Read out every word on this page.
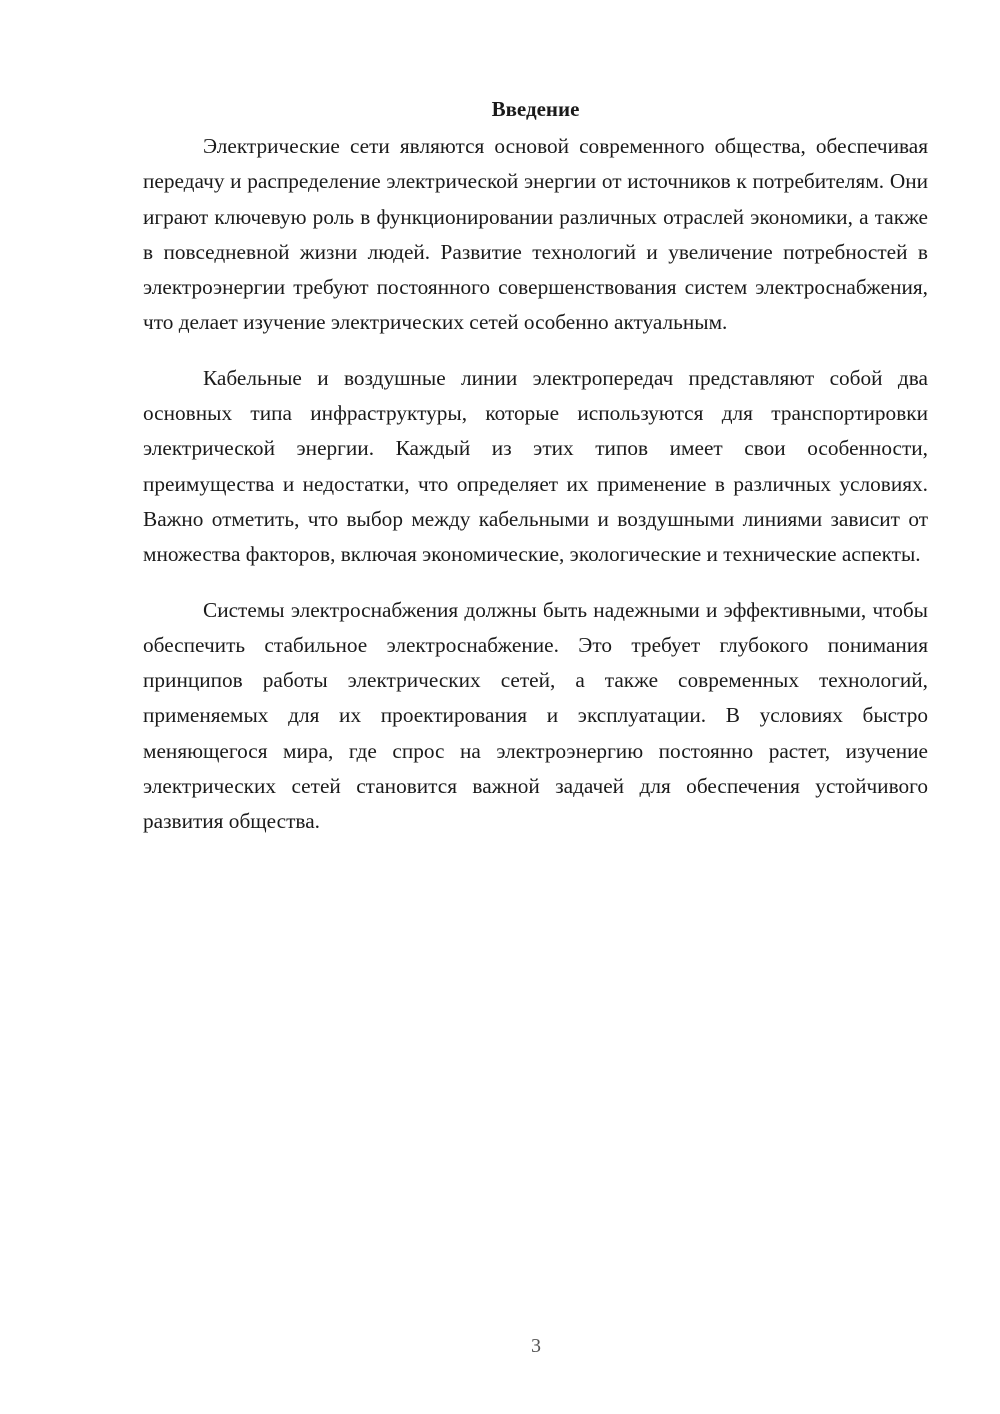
Введение

Электрические сети являются основой современного общества, обеспечивая передачу и распределение электрической энергии от источников к потребителям. Они играют ключевую роль в функционировании различных отраслей экономики, а также в повседневной жизни людей. Развитие технологий и увеличение потребностей в электроэнергии требуют постоянного совершенствования систем электроснабжения, что делает изучение электрических сетей особенно актуальным.

Кабельные и воздушные линии электропередач представляют собой два основных типа инфраструктуры, которые используются для транспортировки электрической энергии. Каждый из этих типов имеет свои особенности, преимущества и недостатки, что определяет их применение в различных условиях. Важно отметить, что выбор между кабельными и воздушными линиями зависит от множества факторов, включая экономические, экологические и технические аспекты.

Системы электроснабжения должны быть надежными и эффективными, чтобы обеспечить стабильное электроснабжение. Это требует глубокого понимания принципов работы электрических сетей, а также современных технологий, применяемых для их проектирования и эксплуатации. В условиях быстро меняющегося мира, где спрос на электроэнергию постоянно растет, изучение электрических сетей становится важной задачей для обеспечения устойчивого развития общества.

3
